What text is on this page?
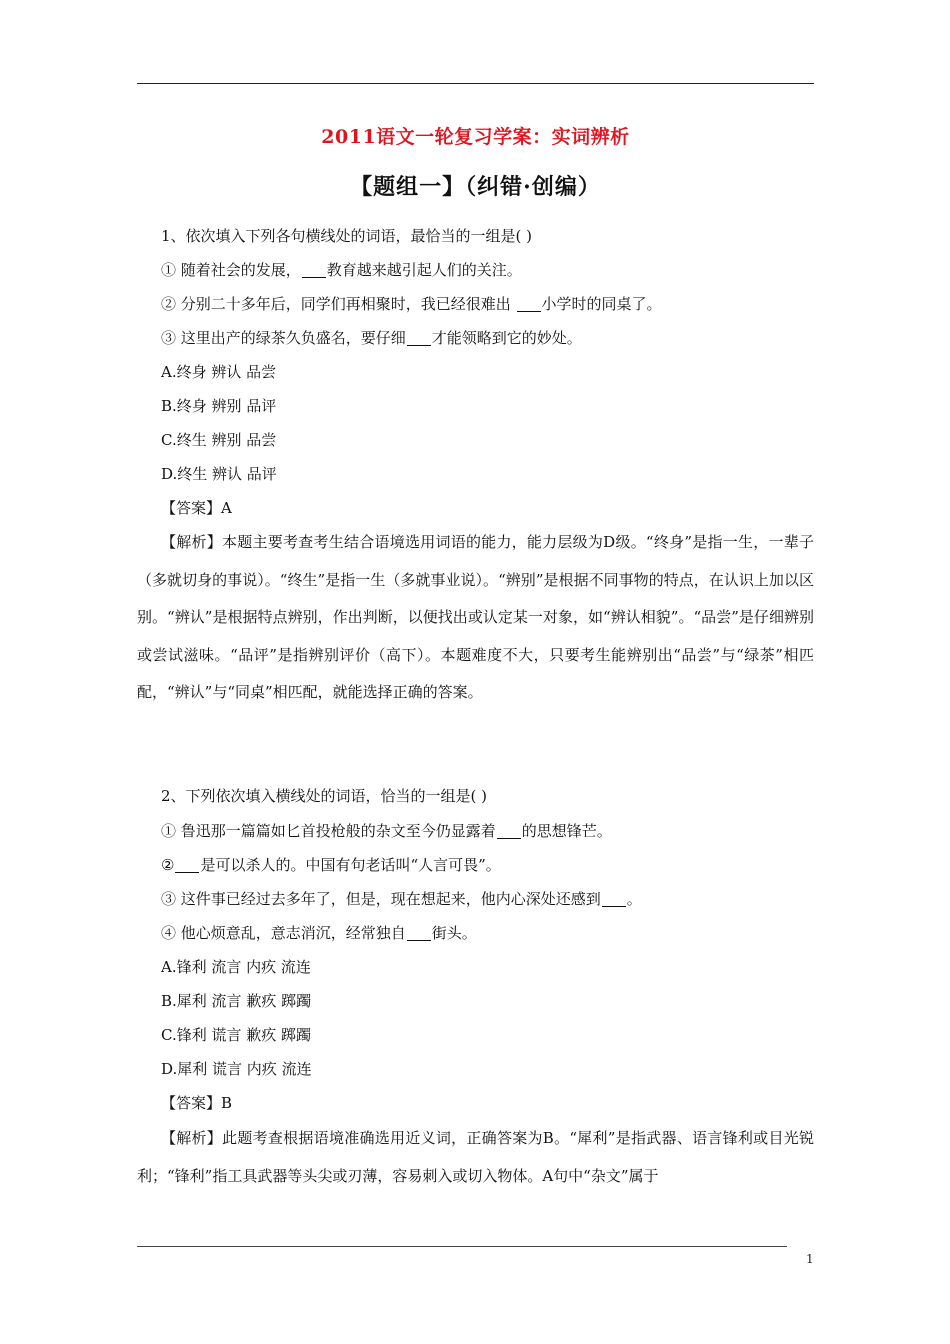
2011语文一轮复习学案：实词辨析
【题组一】（纠错·创编）
1、依次填入下列各句横线处的词语，最恰当的一组是( )
① 随着社会的发展， 教育越来越引起人们的关注。
② 分别二十多年后，同学们再相聚时，我已经很难出 小学时的同桌了。
③ 这里出产的绿茶久负盛名，要仔细 才能领略到它的妙处。
A.终身 辨认 品尝
B.终身 辨别 品评
C.终生 辨别 品尝
D.终生 辨认 品评
【答案】A
【解析】本题主要考查考生结合语境选用词语的能力，能力层级为D级。“终身”是指一生，一辈子（多就切身的事说）。“终生”是指一生（多就事业说）。“辨别”是根据不同事物的特点，在认识上加以区别。“辨认”是根据特点辨别，作出判断，以便找出或认定某一对象，如“辨认相貌”。“品尝”是仔细辨别或尝试滋味。“品评”是指辨别评价（高下）。本题难度不大，只要考生能辨别出“品尝”与“绿茶”相匹配，“辨认”与“同桌”相匹配，就能选择正确的答案。
2、下列依次填入横线处的词语，恰当的一组是( )
① 鲁迅那一篇篇如匕首投枪般的杂文至今仍显露着 的思想锋芒。
② 是可以杀人的。中国有句老话叫“人言可畏”。
③ 这件事已经过去多年了，但是，现在想起来，他内心深处还感到 。
④ 他心烦意乱，意志消沉，经常独自 街头。
A.锋利 流言 内疚 流连
B.犀利 流言 歉疚 踯躅
C.锋利 谎言 歉疚 踯躅
D.犀利 谎言 内疚 流连
【答案】B
【解析】此题考查根据语境准确选用近义词，正确答案为B。“犀利”是指武器、语言锋利或目光锐利；“锋利”指工具武器等头尖或刃薄，容易刺入或切入物体。A句中“杂文”属于
1
